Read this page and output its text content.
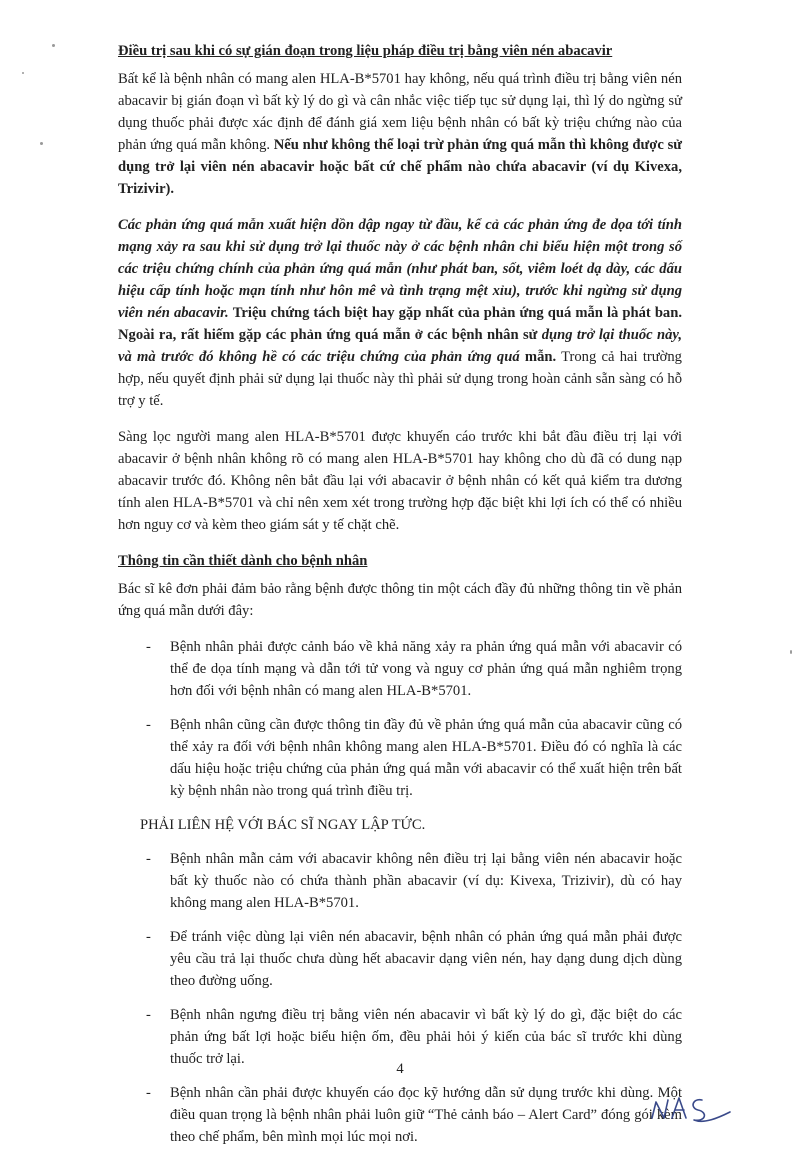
Điều trị sau khi có sự gián đoạn trong liệu pháp điều trị bằng viên nén abacavir

Bất kể là bệnh nhân có mang alen HLA-B*5701 hay không, nếu quá trình điều trị bằng viên nén abacavir bị gián đoạn vì bất kỳ lý do gì và cân nhắc việc tiếp tục sử dụng lại, thì lý do ngừng sử dụng thuốc phải được xác định để đánh giá xem liệu bệnh nhân có bất kỳ triệu chứng nào của phản ứng quá mẫn không. Nếu như không thể loại trừ phản ứng quá mẫn thì không được sử dụng trở lại viên nén abacavir hoặc bất cứ chế phẩm nào chứa abacavir (ví dụ Kivexa, Trizivir).

Các phản ứng quá mẫn xuất hiện dồn dập ngay từ đầu, kể cả các phản ứng đe dọa tới tính mạng xảy ra sau khi sử dụng trở lại thuốc này ở các bệnh nhân chỉ biểu hiện một trong số các triệu chứng chính của phản ứng quá mẫn (như phát ban, sốt, viêm loét dạ dày, các dấu hiệu cấp tính hoặc mạn tính như hôn mê và tình trạng mệt xỉu), trước khi ngừng sử dụng viên nén abacavir. Triệu chứng tách biệt hay gặp nhất của phản ứng quá mẫn là phát ban. Ngoài ra, rất hiếm gặp các phản ứng quá mẫn ở các bệnh nhân sử dụng trở lại thuốc này, và mà trước đó không hề có các triệu chứng của phản ứng quá mẫn. Trong cả hai trường hợp, nếu quyết định phải sử dụng lại thuốc này thì phải sử dụng trong hoàn cảnh sẵn sàng có hỗ trợ y tế.

Sàng lọc người mang alen HLA-B*5701 được khuyến cáo trước khi bắt đầu điều trị lại với abacavir ở bệnh nhân không rõ có mang alen HLA-B*5701 hay không cho dù đã có dung nạp abacavir trước đó. Không nên bắt đầu lại với abacavir ở bệnh nhân có kết quả kiểm tra dương tính alen HLA-B*5701 và chỉ nên xem xét trong trường hợp đặc biệt khi lợi ích có thể có nhiều hơn nguy cơ và kèm theo giám sát y tế chặt chẽ.

Thông tin cần thiết dành cho bệnh nhân

Bác sĩ kê đơn phải đảm bảo rằng bệnh được thông tin một cách đầy đủ những thông tin về phản ứng quá mẫn dưới đây:

- Bệnh nhân phải được cảnh báo về khả năng xảy ra phản ứng quá mẫn với abacavir có thể đe dọa tính mạng và dẫn tới tử vong và nguy cơ phản ứng quá mẫn nghiêm trọng hơn đối với bệnh nhân có mang alen HLA-B*5701.
- Bệnh nhân cũng cần được thông tin đầy đủ về phản ứng quá mẫn của abacavir cũng có thể xảy ra đối với bệnh nhân không mang alen HLA-B*5701. Điều đó có nghĩa là các dấu hiệu hoặc triệu chứng của phản ứng quá mẫn với abacavir có thể xuất hiện trên bất kỳ bệnh nhân nào trong quá trình điều trị.
PHẢI LIÊN HỆ VỚI BÁC SĨ NGAY LẬP TỨC.
- Bệnh nhân mẫn cảm với abacavir không nên điều trị lại bằng viên nén abacavir hoặc bất kỳ thuốc nào có chứa thành phần abacavir (ví dụ: Kivexa, Trizivir), dù có hay không mang alen HLA-B*5701.
- Để tránh việc dùng lại viên nén abacavir, bệnh nhân có phản ứng quá mẫn phải được yêu cầu trả lại thuốc chưa dùng hết abacavir dạng viên nén, hay dạng dung dịch dùng theo đường uống.
- Bệnh nhân ngưng điều trị bằng viên nén abacavir vì bất kỳ lý do gì, đặc biệt do các phản ứng bất lợi hoặc biểu hiện ốm, đều phải hỏi ý kiến của bác sĩ trước khi dùng thuốc trở lại.
- Bệnh nhân cần phải được khuyến cáo đọc kỹ hướng dẫn sử dụng trước khi dùng. Một điều quan trọng là bệnh nhân phải luôn giữ “Thẻ cảnh báo – Alert Card” đóng gói kèm theo chế phẩm, bên mình mọi lúc mọi nơi.
4
